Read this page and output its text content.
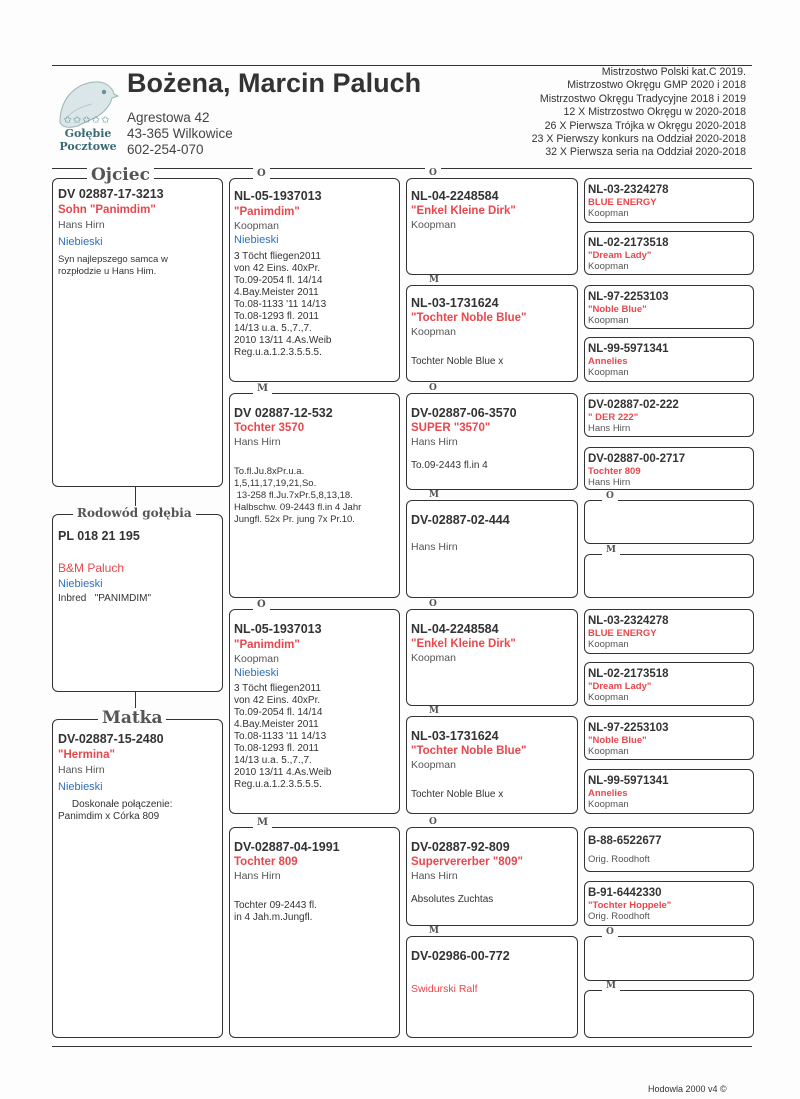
✩✩✩✩✩
Gołębie
Pocztowe
Bożena, Marcin Paluch
Agrestowa 42
43-365 Wilkowice
602-254-070
Mistrzostwo Polski kat.C 2019.
Mistrzostwo Okręgu GMP 2020 i 2018
Mistrzostwo Okręgu Tradycyjne 2018 i 2019
12 X Mistrzostwo Okręgu w 2020-2018
26 X Pierwsza Trójka w Okręgu 2020-2018
23 X Pierwszy konkurs na Oddział 2020-2018
32 X Pierwsza seria na Oddział 2020-2018
DV 02887-17-3213
Sohn "Panimdim"
Hans Hirn
Niebieski
Syn najlepszego samca w
rozpłodzie u Hans Him.
Ojciec
PL 018 21 195
B&M Paluch
Niebieski
Inbred   "PANIMDIM"
Rodowód gołębia
DV-02887-15-2480
"Hermina"
Hans Hirn
Niebieski
Doskonałe połączenie:
Panimdim x Córka 809
Matka
NL-05-1937013
"Panimdim"
Koopman
Niebieski
3 Töcht fliegen2011
von 42 Eins. 40xPr.
To.09-2054 fl. 14/14
4.Bay.Meister 2011
To.08-1133 '11 14/13
To.08-1293 fl. 2011
14/13 u.a. 5.,7.,7.
2010 13/11 4.As.Weib
Reg.u.a.1.2.3.5.5.5.
O
DV 02887-12-532
Tochter 3570
Hans Hirn
To.fl.Ju.8xPr.u.a.
1,5,11,17,19,21,So.
13-258 fl.Ju.7xPr.5,8,13,18.
Halbschw. 09-2443 fl.in 4 Jahr
Jungfl. 52x Pr. jung 7x Pr.10.
M
NL-05-1937013
"Panimdim"
Koopman
Niebieski
3 Töcht fliegen2011
von 42 Eins. 40xPr.
To.09-2054 fl. 14/14
4.Bay.Meister 2011
To.08-1133 '11 14/13
To.08-1293 fl. 2011
14/13 u.a. 5.,7.,7.
2010 13/11 4.As.Weib
Reg.u.a.1.2.3.5.5.5.
O
DV-02887-04-1991
Tochter 809
Hans Hirn
Tochter 09-2443 fl.
in 4 Jah.m.Jungfl.
M
NL-04-2248584
"Enkel Kleine Dirk"
Koopman
O
NL-03-1731624
"Tochter Noble Blue"
Koopman
Tochter Noble Blue x
M
DV-02887-06-3570
SUPER "3570"
Hans Hirn
To.09-2443 fl.in 4
O
DV-02887-02-444
Hans Hirn
M
NL-04-2248584
"Enkel Kleine Dirk"
Koopman
O
NL-03-1731624
"Tochter Noble Blue"
Koopman
Tochter Noble Blue x
M
DV-02887-92-809
Supervererber "809"
Hans Hirn
Absolutes Zuchtas
O
DV-02986-00-772
Swidurski Ralf
M
NL-03-2324278
BLUE ENERGY
Koopman
NL-02-2173518
"Dream Lady"
Koopman
NL-97-2253103
"Noble Blue"
Koopman
NL-99-5971341
Annelies
Koopman
DV-02887-02-222
" DER 222"
Hans Hirn
DV-02887-00-2717
Tochter 809
Hans Hirn
O
M
NL-03-2324278
BLUE ENERGY
Koopman
NL-02-2173518
"Dream Lady"
Koopman
NL-97-2253103
"Noble Blue"
Koopman
NL-99-5971341
Annelies
Koopman
B-88-6522677
Orig. Roodhoft
B-91-6442330
"Tochter Hoppele"
Orig. Roodhoft
O
M
Hodowla 2000 v4 ©
